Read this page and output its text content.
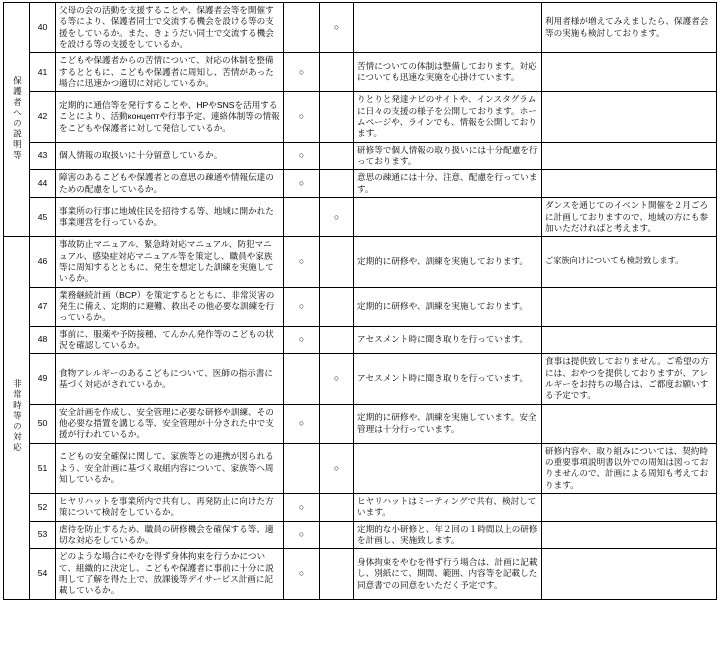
保護者への説明等	40	父母の会の活動を支援することや、保護者会等を開催する等により、保護者同士で交流する機会を設ける等の支援をしているか。また、きょうだい同士で交流する機会を設ける等の支援をしているか。		○		利用者様が増えてみえましたら、保護者会等の実施も検討しております。
	41	こどもや保護者からの苦情について、対応の体制を整備するとともに、こどもや保護者に周知し、苦情があった場合に迅速かつ適切に対応しているか。	○		苦情についての体制は整備しております。対応についても迅速な実施を心掛けています。	
	42	定期的に通信等を発行することや、HPやSNSを活用することにより、活動концептや行事予定、連絡体制等の情報をこどもや保護者に対して発信しているか。	○		りとりと発達ナビのサイトや、インスタグラムに日々の支援の様子を公開しております。ホームページや、ラインでも、情報を公開しております。	
	43	個人情報の取扱いに十分留意しているか。	○		研修等で個人情報の取り扱いには十分配慮を行っております。	
	44	障害のあるこどもや保護者との意思の疎通や情報伝達のための配慮をしているか。	○		意思の疎通には十分、注意、配慮を行っています。	
	45	事業所の行事に地域住民を招待する等、地域に開かれた事業運営を行っているか。		○		ダンスを通じてのイベント開催を２月ごろに計画しておりますので、地域の方にも参加いただければと考えます。
非常時等の対応	46	事故防止マニュアル、緊急時対応マニュアル、防犯マニュアル、感染症対応マニュアル等を策定し、職員や家族等に周知するとともに、発生を想定した訓練を実施しているか。	○		定期的に研修や、訓練を実施しております。	ご家族向けについても検討致します。
	47	業務継続計画（BCP）を策定するとともに、非常災害の発生に備え、定期的に避難、救出その他必要な訓練を行っているか。	○		定期的に研修や、訓練を実施しております。	
	48	事前に、服薬や予防接種、てんかん発作等のこどもの状況を確認しているか。	○		アセスメント時に聞き取りを行っています。	
	49	食物アレルギーのあるこどもについて、医師の指示書に基づく対応がされているか。		○	アセスメント時に聞き取りを行っています。	食事は提供致しておりません。ご希望の方には、おやつを提供しておりますが、アレルギーをお持ちの場合は、ご都度お願いする予定です。
	50	安全計画を作成し、安全管理に必要な研修や訓練、その他必要な措置を講じる等、安全管理が十分された中で支援が行われているか。	○		定期的に研修や、訓練を実施しています。安全管理は十分行っています。	
	51	こどもの安全確保に関して、家族等との連携が図られるよう、安全計画に基づく取組内容について、家族等へ周知しているか。		○		研修内容や、取り組みについては、契約時の重要事項説明書以外での周知は図っておりませんので、計画による周知も考えております。
	52	ヒヤリハットを事業所内で共有し、再発防止に向けた方策について検討をしているか。	○		ヒヤリハットはミーティングで共有、検討しています。	
	53	虐待を防止するため、職員の研修機会を確保する等、適切な対応をしているか。	○		定期的な小研修と、年２回の１時間以上の研修を計画し、実施致します。	
	54	どのような場合にやむを得ず身体拘束を行うかについて、組織的に決定し、こどもや保護者に事前に十分に説明して了解を得た上で、放課後等デイサービス計画に記載しているか。	○		身体拘束をやむを得ず行う場合は、計画に記載し、別紙にて、期間、範囲、内容等を記載した同意書での同意をいただく予定です。	
